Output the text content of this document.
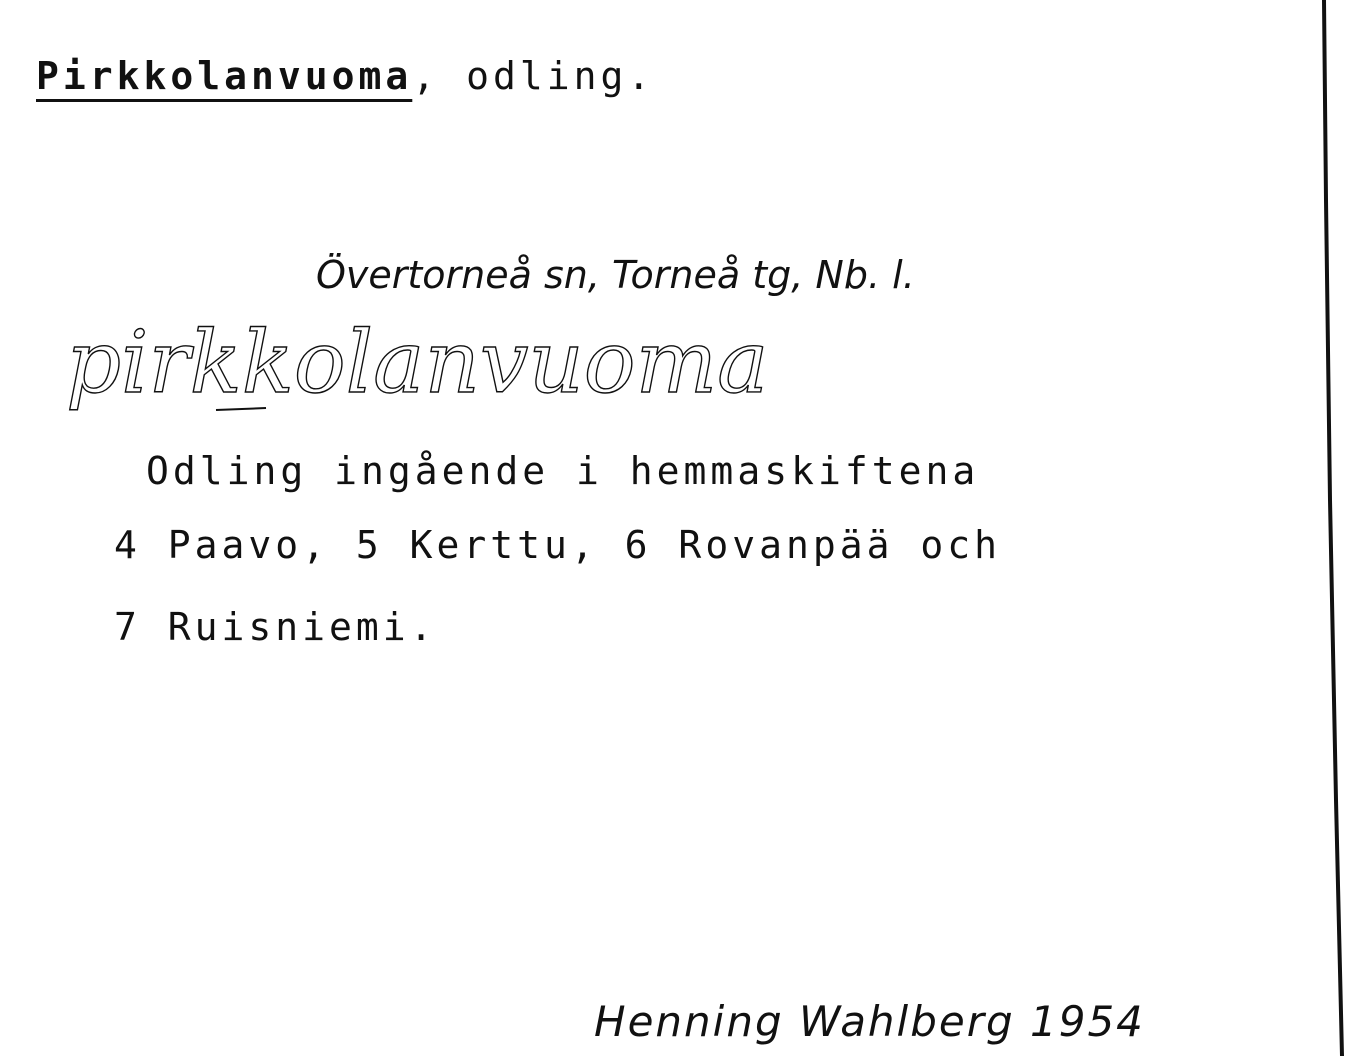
Pirkkolanvuoma, odling.
Övertorneå sn, Torneå tg, Nb. l.
pirkkolanvuoma
Odling ingående i hemmaskiftena
4 Paavo, 5 Kerttu, 6 Rovanpää och
7 Ruisniemi.
Henning Wahlberg 1954
